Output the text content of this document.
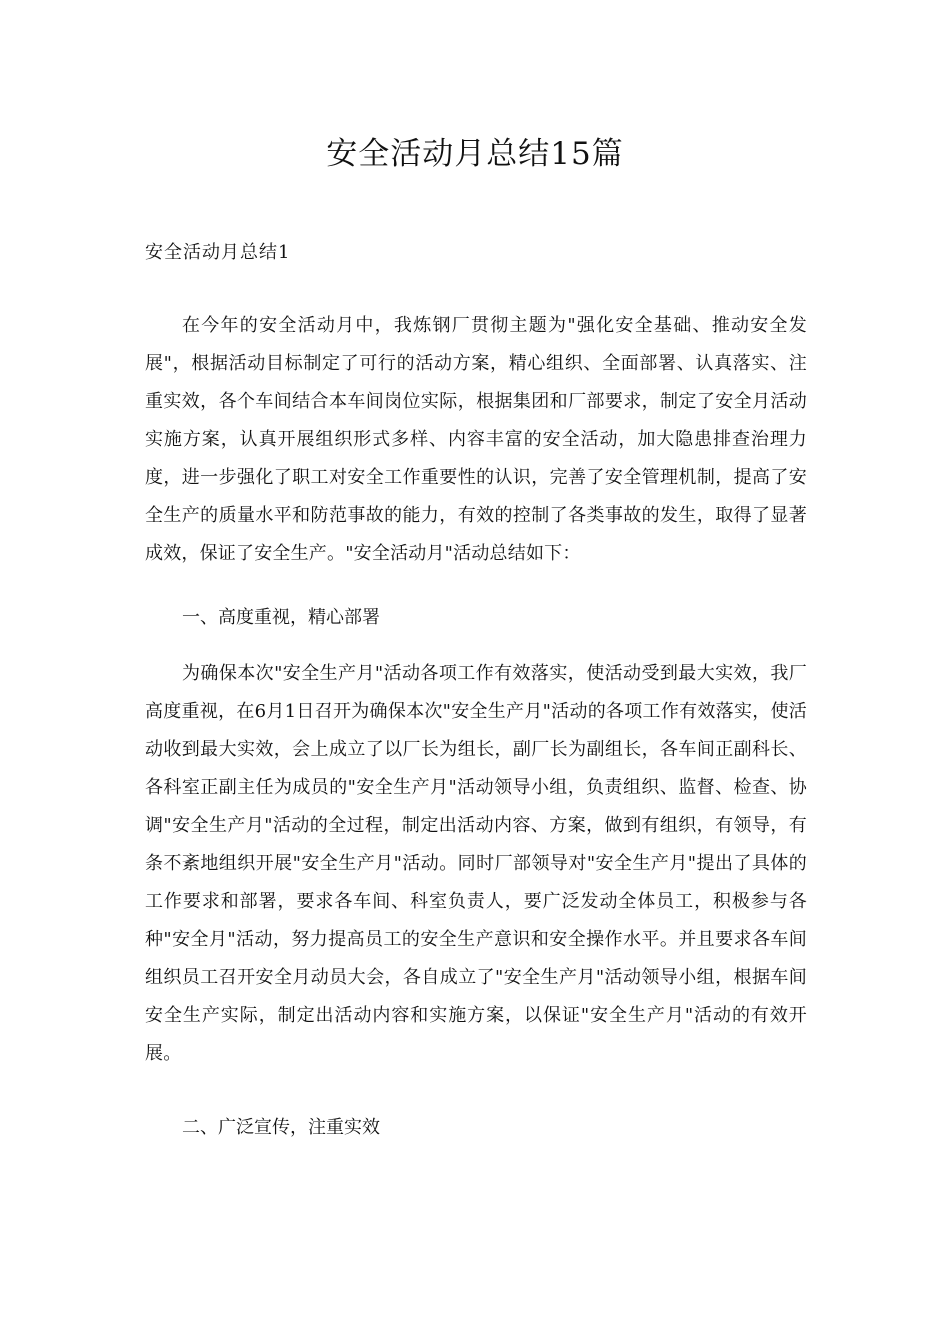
安全活动月总结15篇
安全活动月总结1
在今年的安全活动月中，我炼钢厂贯彻主题为"强化安全基础、推动安全发展"，根据活动目标制定了可行的活动方案，精心组织、全面部署、认真落实、注重实效，各个车间结合本车间岗位实际，根据集团和厂部要求，制定了安全月活动实施方案，认真开展组织形式多样、内容丰富的安全活动，加大隐患排查治理力度，进一步强化了职工对安全工作重要性的认识，完善了安全管理机制，提高了安全生产的质量水平和防范事故的能力，有效的控制了各类事故的发生，取得了显著成效，保证了安全生产。"安全活动月"活动总结如下：
一、高度重视，精心部署
为确保本次"安全生产月"活动各项工作有效落实，使活动受到最大实效，我厂高度重视，在6月1日召开为确保本次"安全生产月"活动的各项工作有效落实，使活动收到最大实效，会上成立了以厂长为组长，副厂长为副组长，各车间正副科长、各科室正副主任为成员的"安全生产月"活动领导小组，负责组织、监督、检查、协调"安全生产月"活动的全过程，制定出活动内容、方案，做到有组织，有领导，有条不紊地组织开展"安全生产月"活动。同时厂部领导对"安全生产月"提出了具体的工作要求和部署，要求各车间、科室负责人，要广泛发动全体员工，积极参与各种"安全月"活动，努力提高员工的安全生产意识和安全操作水平。并且要求各车间组织员工召开安全月动员大会，各自成立了"安全生产月"活动领导小组，根据车间安全生产实际，制定出活动内容和实施方案，以保证"安全生产月"活动的有效开展。
二、广泛宣传，注重实效
